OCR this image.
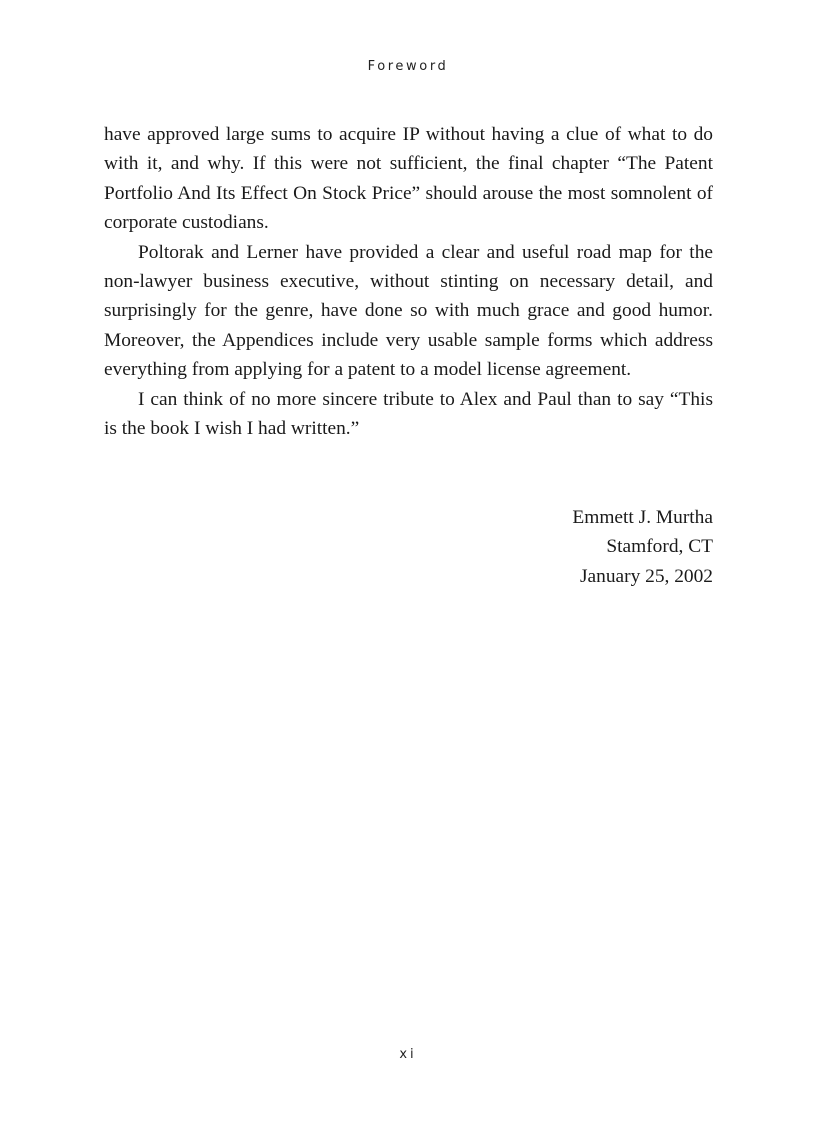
Foreword

have approved large sums to acquire IP without having a clue of what to do with it, and why. If this were not sufficient, the final chapter “The Patent Portfolio And Its Effect On Stock Price” should arouse the most somnolent of corporate custodians.

Poltorak and Lerner have provided a clear and useful road map for the non-lawyer business executive, without stinting on necessary detail, and surprisingly for the genre, have done so with much grace and good humor. Moreover, the Appendices include very usable sample forms which address everything from applying for a patent to a model license agreement.

I can think of no more sincere tribute to Alex and Paul than to say “This is the book I wish I had written.”

Emmett J. Murtha
Stamford, CT
January 25, 2002
xi
